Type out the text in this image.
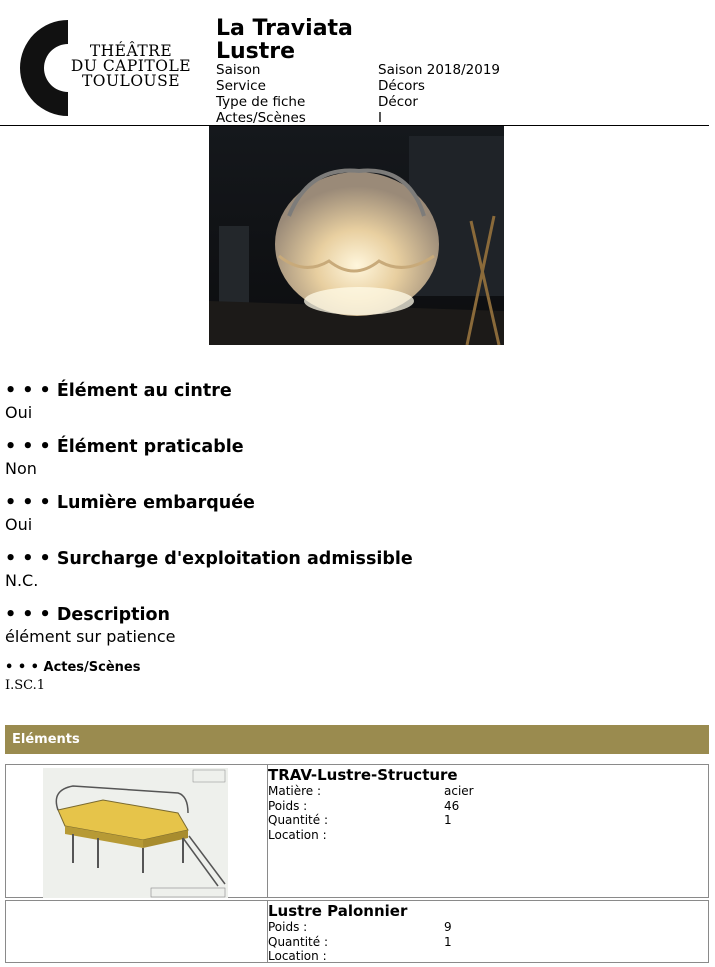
THÉÂTRE
DU CAPITOLE
TOULOUSE
La Traviata
Lustre
Saison	Saison 2018/2019
Service	Décors
Type de fiche	Décor
Actes/Scènes	I
• • • Élément au cintre
Oui
• • • Élément praticable
Non
• • • Lumière embarquée
Oui
• • • Surcharge d'exploitation admissible
N.C.
• • • Description
élément sur patience
• • • Actes/Scènes
I.SC.1
Eléments
TRAV-Lustre-Structure
Matière :	acier
Poids :	46
Quantité :	1
Location :
Lustre Palonnier
Poids :	9
Quantité :	1
Location :
